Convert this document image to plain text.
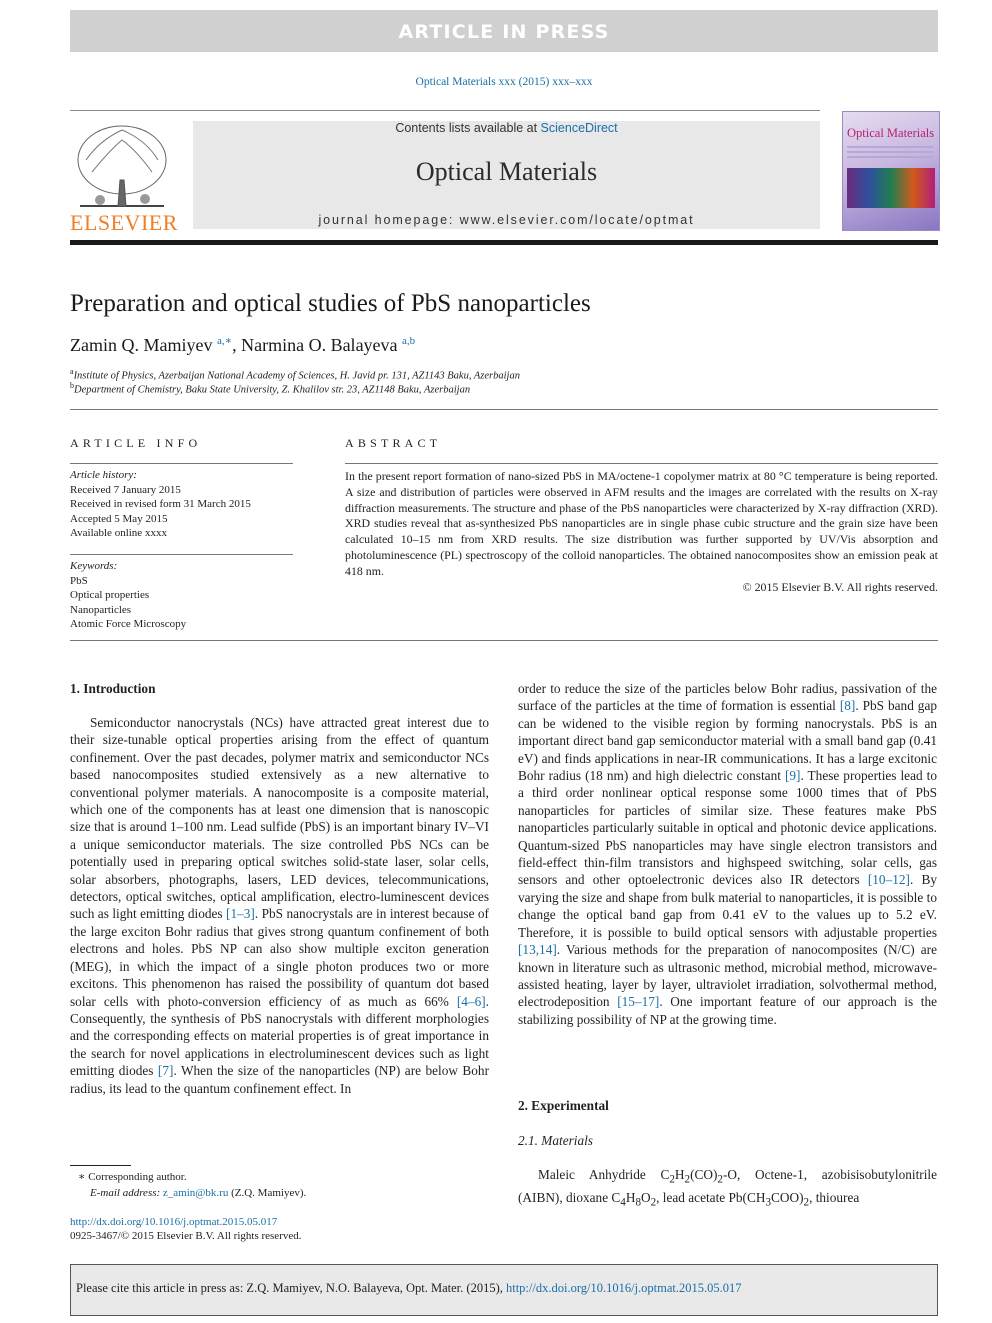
ARTICLE IN PRESS
Optical Materials xxx (2015) xxx–xxx
ELSEVIER
Contents lists available at ScienceDirect
Optical Materials
journal homepage: www.elsevier.com/locate/optmat
Optical Materials
Preparation and optical studies of PbS nanoparticles
Zamin Q. Mamiyev $^{a,∗}$, Narmina O. Balayeva $^{a,b}$
$^a$Institute of Physics, Azerbaijan National Academy of Sciences, H. Javid pr. 131, AZ1143 Baku, Azerbaijan
$^b$Department of Chemistry, Baku State University, Z. Khalilov str. 23, AZ1148 Baku, Azerbaijan
ARTICLE INFO	ABSTRACT
Article history:
Received 7 January 2015
Received in revised form 31 March 2015
Accepted 5 May 2015
Available online xxxx
Keywords:
PbS
Optical properties
Nanoparticles
Atomic Force Microscopy
In the present report formation of nano-sized PbS in MA/octene-1 copolymer matrix at 80 °C temperature is being reported. A size and distribution of particles were observed in AFM results and the images are correlated with the results on X-ray diffraction measurements. The structure and phase of the PbS nanoparticles were characterized by X-ray diffraction (XRD). XRD studies reveal that as-synthesized PbS nanoparticles are in single phase cubic structure and the grain size have been calculated 10–15 nm from XRD results. The size distribution was further supported by UV/Vis absorption and photoluminescence (PL) spectroscopy of the colloid nanoparticles. The obtained nanocomposites show an emission peak at 418 nm.
© 2015 Elsevier B.V. All rights reserved.
1. Introduction
Semiconductor nanocrystals (NCs) have attracted great interest due to their size-tunable optical properties arising from the effect of quantum confinement. Over the past decades, polymer matrix and semiconductor NCs based nanocomposites studied extensively as a new alternative to conventional polymer materials. A nanocomposite is a composite material, which one of the components has at least one dimension that is nanoscopic size that is around 1–100 nm. Lead sulfide (PbS) is an important binary IV–VI a unique semiconductor materials. The size controlled PbS NCs can be potentially used in preparing optical switches solid-state laser, solar cells, solar absorbers, photographs, lasers, LED devices, telecommunications, detectors, optical switches, optical amplification, electro-luminescent devices such as light emitting diodes [1–3]. PbS nanocrystals are in interest because of the large exciton Bohr radius that gives strong quantum confinement of both electrons and holes. PbS NP can also show multiple exciton generation (MEG), in which the impact of a single photon produces two or more excitons. This phenomenon has raised the possibility of quantum dot based solar cells with photo-conversion efficiency of as much as 66% [4–6]. Consequently, the synthesis of PbS nanocrystals with different morphologies and the corresponding effects on material properties is of great importance in the search for novel applications in electroluminescent devices such as light emitting diodes [7]. When the size of the nanoparticles (NP) are below Bohr radius, its lead to the quantum confinement effect. In
order to reduce the size of the particles below Bohr radius, passivation of the surface of the particles at the time of formation is essential [8]. PbS band gap can be widened to the visible region by forming nanocrystals. PbS is an important direct band gap semiconductor material with a small band gap (0.41 eV) and finds applications in near-IR communications. It has a large excitonic Bohr radius (18 nm) and high dielectric constant [9]. These properties lead to a third order nonlinear optical response some 1000 times that of PbS nanoparticles for particles of similar size. These features make PbS nanoparticles particularly suitable in optical and photonic device applications. Quantum-sized PbS nanoparticles may have single electron transistors and field-effect thin-film transistors and highspeed switching, solar cells, gas sensors and other optoelectronic devices also IR detectors [10–12]. By varying the size and shape from bulk material to nanoparticles, it is possible to change the optical band gap from 0.41 eV to the values up to 5.2 eV. Therefore, it is possible to build optical sensors with adjustable properties [13,14]. Various methods for the preparation of nanocomposites (N/C) are known in literature such as ultrasonic method, microbial method, microwave-assisted heating, layer by layer, ultraviolet irradiation, solvothermal method, electrodeposition [15–17]. One important feature of our approach is the stabilizing possibility of NP at the growing time.
2. Experimental
2.1. Materials
Maleic Anhydride $C_2H_2(CO)_2-O$, Octene-1, azobisisobutylonitrile (AIBN), dioxane $C_4H_8O_2$, lead acetate $Pb(CH_3COO)_2$, thiourea
∗ Corresponding author.
E-mail address: z_amin@bk.ru (Z.Q. Mamiyev).
http://dx.doi.org/10.1016/j.optmat.2015.05.017
0925-3467/© 2015 Elsevier B.V. All rights reserved.
Please cite this article in press as: Z.Q. Mamiyev, N.O. Balayeva, Opt. Mater. (2015), http://dx.doi.org/10.1016/j.optmat.2015.05.017
